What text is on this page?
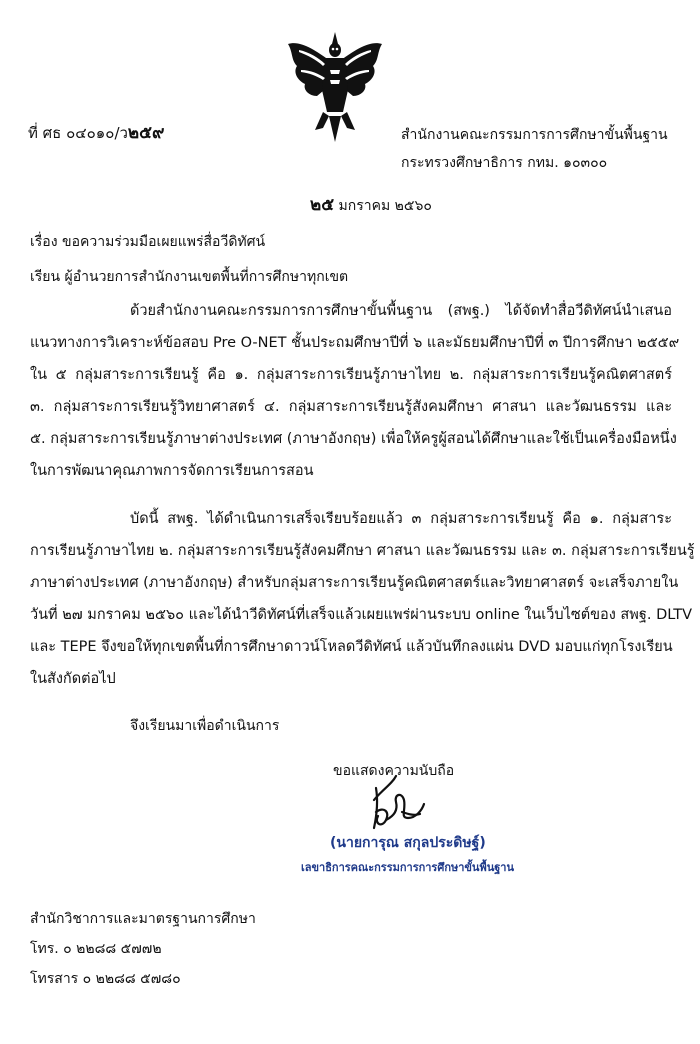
ที่ ศธ ๐๔๐๑๐/ว๒๕๙	สำนักงานคณะกรรมการการศึกษาขั้นพื้นฐาน
กระทรวงศึกษาธิการ กทม. ๑๐๓๐๐
๒๕ มกราคม ๒๕๖๐
เรื่อง ขอความร่วมมือเผยแพร่สื่อวีดิทัศน์
เรียน ผู้อำนวยการสำนักงานเขตพื้นที่การศึกษาทุกเขต
ด้วยสำนักงานคณะกรรมการการศึกษาขั้นพื้นฐาน (สพฐ.) ได้จัดทำสื่อวีดิทัศน์นำเสนอ
แนวทางการวิเคราะห์ข้อสอบ Pre O-NET ชั้นประถมศึกษาปีที่ ๖ และมัธยมศึกษาปีที่ ๓ ปีการศึกษา ๒๕๕๙
ใน ๕ กลุ่มสาระการเรียนรู้ คือ ๑. กลุ่มสาระการเรียนรู้ภาษาไทย ๒. กลุ่มสาระการเรียนรู้คณิตศาสตร์
๓. กลุ่มสาระการเรียนรู้วิทยาศาสตร์ ๔. กลุ่มสาระการเรียนรู้สังคมศึกษา ศาสนา และวัฒนธรรม และ
๕. กลุ่มสาระการเรียนรู้ภาษาต่างประเทศ (ภาษาอังกฤษ) เพื่อให้ครูผู้สอนได้ศึกษาและใช้เป็นเครื่องมือหนึ่ง
ในการพัฒนาคุณภาพการจัดการเรียนการสอน
บัดนี้ สพฐ. ได้ดำเนินการเสร็จเรียบร้อยแล้ว ๓ กลุ่มสาระการเรียนรู้ คือ ๑. กลุ่มสาระ
การเรียนรู้ภาษาไทย ๒. กลุ่มสาระการเรียนรู้สังคมศึกษา ศาสนา และวัฒนธรรม และ ๓. กลุ่มสาระการเรียนรู้
ภาษาต่างประเทศ (ภาษาอังกฤษ) สำหรับกลุ่มสาระการเรียนรู้คณิตศาสตร์และวิทยาศาสตร์ จะเสร็จภายใน
วันที่ ๒๗ มกราคม ๒๕๖๐ และได้นำวีดิทัศน์ที่เสร็จแล้วเผยแพร่ผ่านระบบ online ในเว็บไซต์ของ สพฐ. DLTV
และ TEPE จึงขอให้ทุกเขตพื้นที่การศึกษาดาวน์โหลดวีดิทัศน์ แล้วบันทึกลงแผ่น DVD มอบแก่ทุกโรงเรียน
ในสังกัดต่อไป
จึงเรียนมาเพื่อดำเนินการ
ขอแสดงความนับถือ
(นายการุณ สกุลประดิษฐ์)
เลขาธิการคณะกรรมการการศึกษาขั้นพื้นฐาน
สำนักวิชาการและมาตรฐานการศึกษา
โทร. ๐ ๒๒๘๘ ๕๗๗๒
โทรสาร ๐ ๒๒๘๘ ๕๗๘๐
